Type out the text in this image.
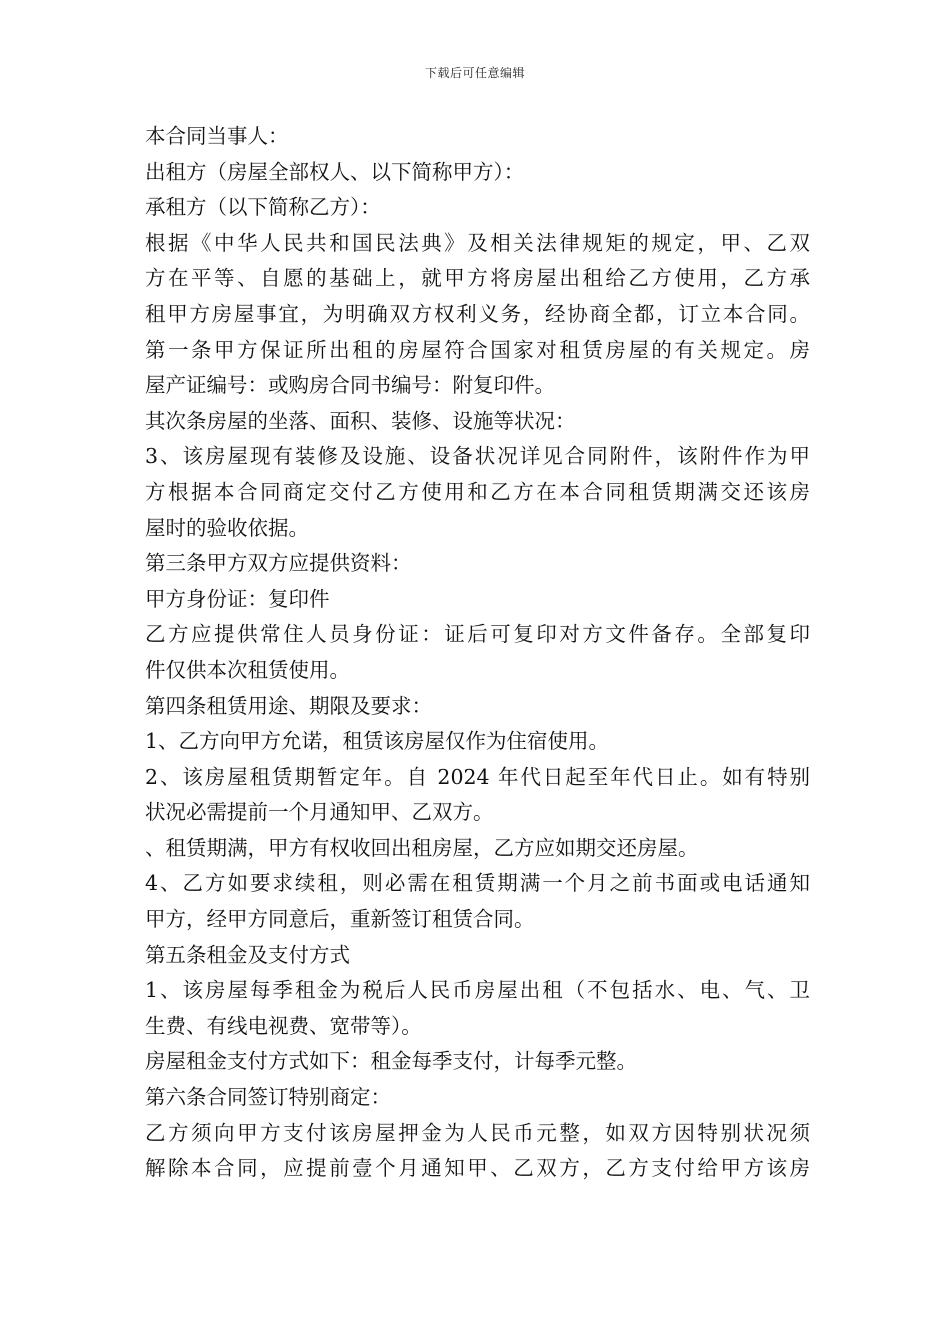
下载后可任意编辑
本合同当事人：
出租方（房屋全部权人、以下简称甲方）：
承租方（以下简称乙方）：
根据《中华人民共和国民法典》及相关法律规矩的规定，甲、乙双
方在平等、自愿的基础上，就甲方将房屋出租给乙方使用，乙方承
租甲方房屋事宜，为明确双方权利义务，经协商全都，订立本合同。
第一条甲方保证所出租的房屋符合国家对租赁房屋的有关规定。房
屋产证编号：或购房合同书编号：附复印件。
其次条房屋的坐落、面积、装修、设施等状况：
3、该房屋现有装修及设施、设备状况详见合同附件，该附件作为甲
方根据本合同商定交付乙方使用和乙方在本合同租赁期满交还该房
屋时的验收依据。
第三条甲方双方应提供资料：
甲方身份证：复印件
乙方应提供常住人员身份证：证后可复印对方文件备存。全部复印
件仅供本次租赁使用。
第四条租赁用途、期限及要求：
1、乙方向甲方允诺，租赁该房屋仅作为住宿使用。
2、该房屋租赁期暂定年。自 2024 年代日起至年代日止。如有特别
状况必需提前一个月通知甲、乙双方。
、租赁期满，甲方有权收回出租房屋，乙方应如期交还房屋。
4、乙方如要求续租，则必需在租赁期满一个月之前书面或电话通知
甲方，经甲方同意后，重新签订租赁合同。
第五条租金及支付方式
1、该房屋每季租金为税后人民币房屋出租（不包括水、电、气、卫
生费、有线电视费、宽带等）。
房屋租金支付方式如下：租金每季支付，计每季元整。
第六条合同签订特别商定：
乙方须向甲方支付该房屋押金为人民币元整，如双方因特别状况须
解除本合同，应提前壹个月通知甲、乙双方，乙方支付给甲方该房
